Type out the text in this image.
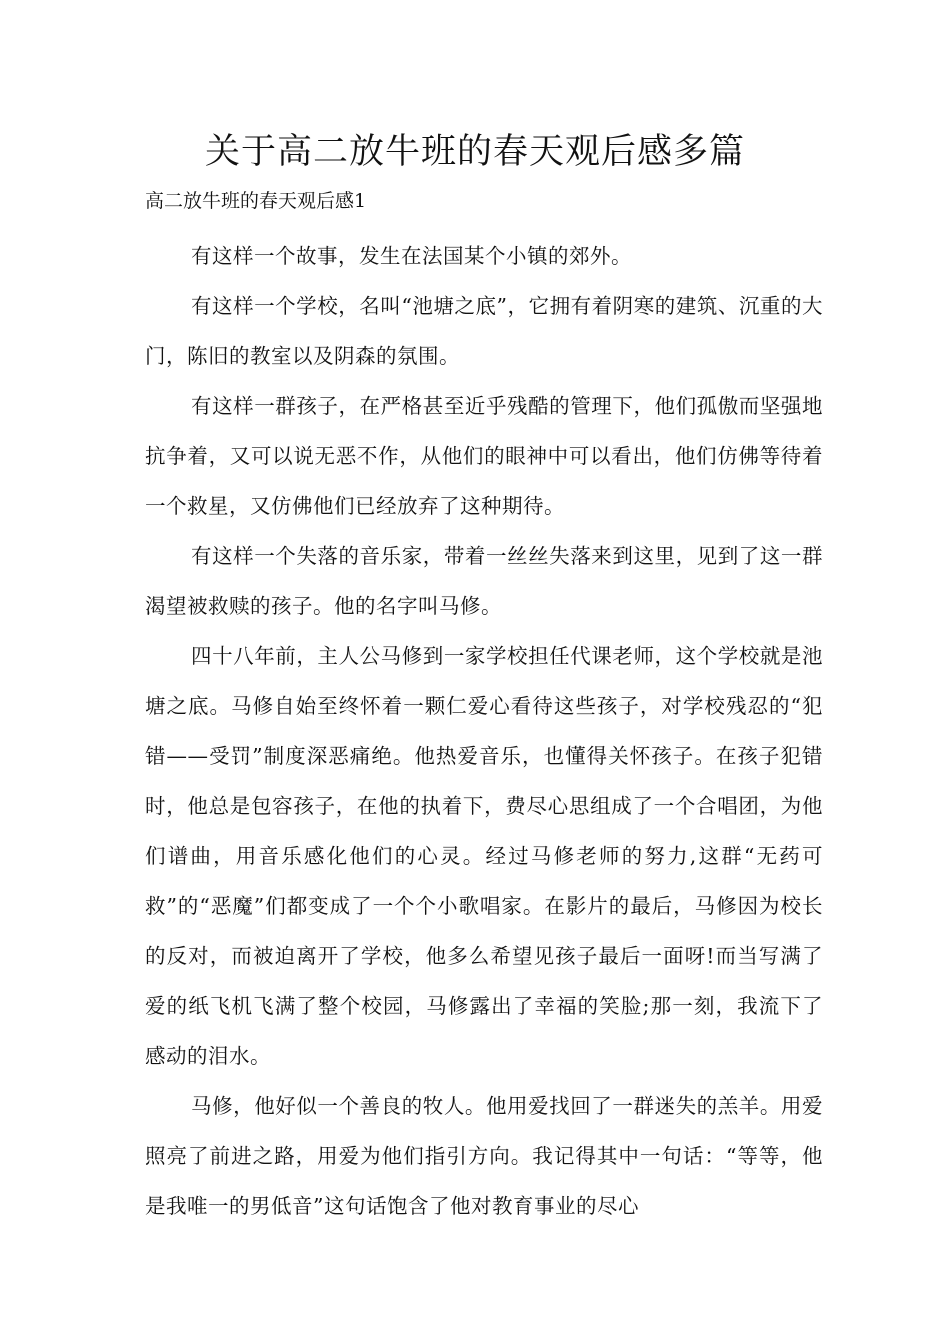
关于高二放牛班的春天观后感多篇

高二放牛班的春天观后感1

有这样一个故事，发生在法国某个小镇的郊外。

有这样一个学校，名叫“池塘之底”，它拥有着阴寒的建筑、沉重的大门，陈旧的教室以及阴森的氛围。

有这样一群孩子，在严格甚至近乎残酷的管理下，他们孤傲而坚强地抗争着，又可以说无恶不作，从他们的眼神中可以看出，他们仿佛等待着一个救星，又仿佛他们已经放弃了这种期待。

有这样一个失落的音乐家，带着一丝丝失落来到这里，见到了这一群渴望被救赎的孩子。他的名字叫马修。

四十八年前，主人公马修到一家学校担任代课老师，这个学校就是池塘之底。马修自始至终怀着一颗仁爱心看待这些孩子，对学校残忍的“犯错——受罚”制度深恶痛绝。他热爱音乐，也懂得关怀孩子。在孩子犯错时，他总是包容孩子，在他的执着下，费尽心思组成了一个合唱团，为他们谱曲，用音乐感化他们的心灵。经过马修老师的努力,这群“无药可救”的“恶魔”们都变成了一个个小歌唱家。在影片的最后，马修因为校长的反对，而被迫离开了学校，他多么希望见孩子最后一面呀!而当写满了爱的纸飞机飞满了整个校园，马修露出了幸福的笑脸;那一刻，我流下了感动的泪水。

马修，他好似一个善良的牧人。他用爱找回了一群迷失的羔羊。用爱照亮了前进之路，用爱为他们指引方向。我记得其中一句话：“等等，他是我唯一的男低音”这句话饱含了他对教育事业的尽心
